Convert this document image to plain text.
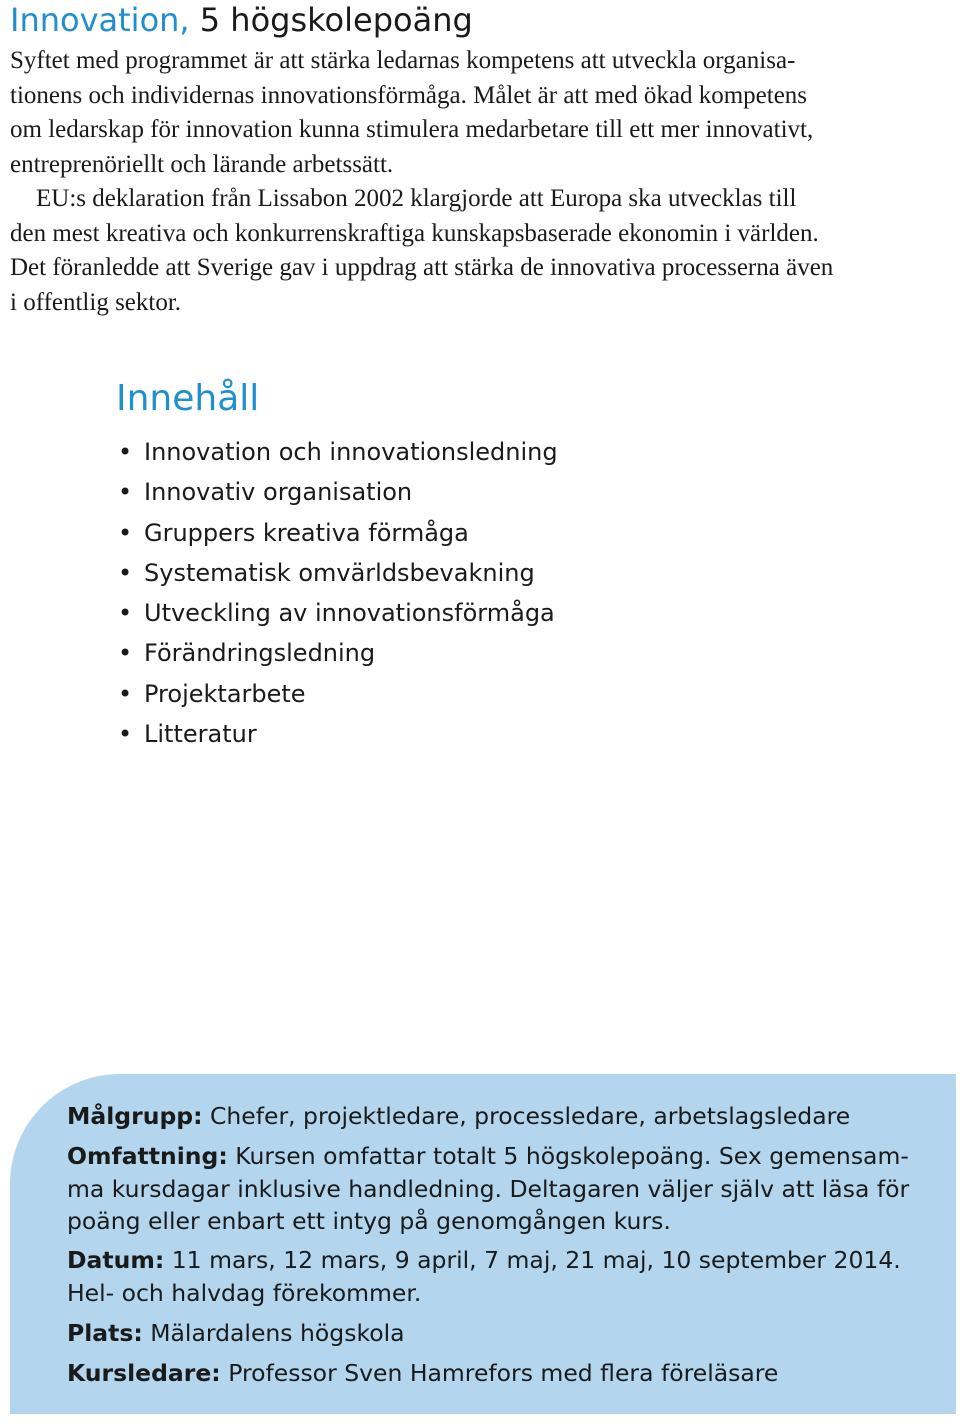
Innovation, 5 högskolepoäng

Syftet med programmet är att stärka ledarnas kompetens att utveckla organisa-
tionens och individernas innovationsförmåga. Målet är att med ökad kompetens
om ledarskap för innovation kunna stimulera medarbetare till ett mer innovativt,
entreprenöriellt och lärande arbetssätt.
EU:s deklaration från Lissabon 2002 klargjorde att Europa ska utvecklas till
den mest kreativa och konkurrenskraftiga kunskapsbaserade ekonomin i världen.
Det föranledde att Sverige gav i uppdrag att stärka de innovativa processerna även
i offentlig sektor.

Innehåll
• Innovation och innovationsledning
• Innovativ organisation
• Gruppers kreativa förmåga
• Systematisk omvärldsbevakning
• Utveckling av innovationsförmåga
• Förändringsledning
• Projektarbete
• Litteratur

Målgrupp: Chefer, projektledare, processledare, arbetslagsledare

Omfattning: Kursen omfattar totalt 5 högskolepoäng. Sex gemensam-
ma kursdagar inklusive handledning. Deltagaren väljer själv att läsa för
poäng eller enbart ett intyg på genomgången kurs.

Datum: 11 mars, 12 mars, 9 april, 7 maj, 21 maj, 10 september 2014.
Hel- och halvdag förekommer.

Plats: Mälardalens högskola

Kursledare: Professor Sven Hamrefors med flera föreläsare
